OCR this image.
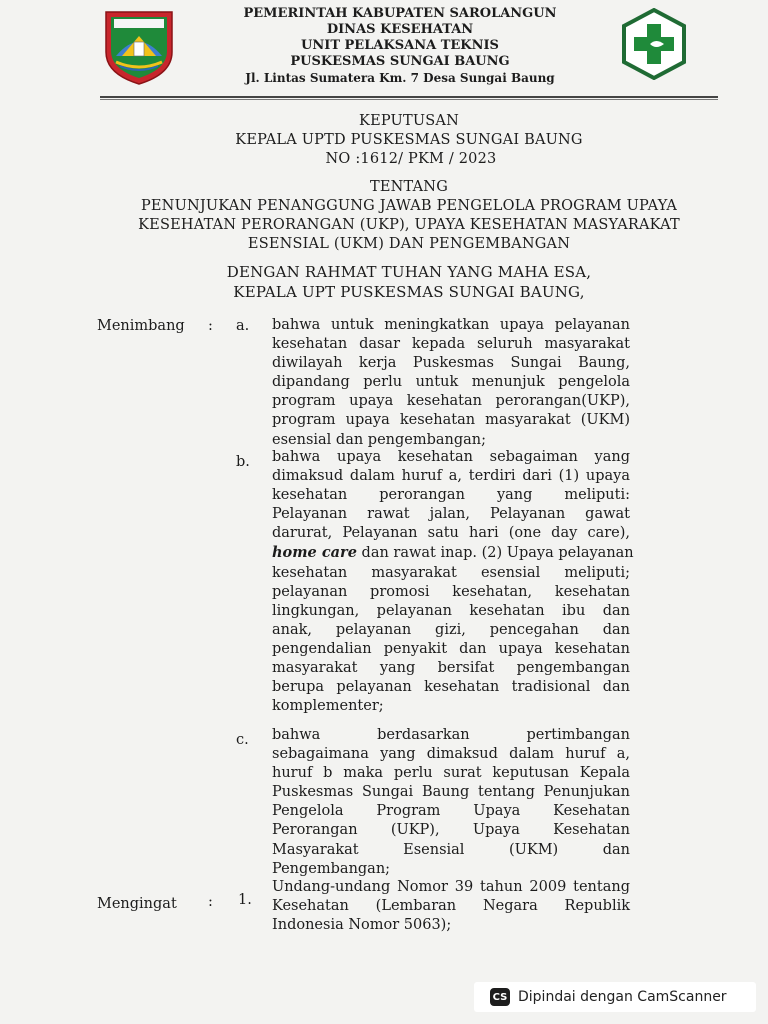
PEMERINTAH KABUPATEN SAROLANGUN
DINAS KESEHATAN
UNIT PELAKSANA TEKNIS
PUSKESMAS SUNGAI BAUNG
Jl. Lintas Sumatera Km. 7 Desa Sungai Baung
KEPUTUSAN
KEPALA UPTD PUSKESMAS SUNGAI BAUNG
NO :1612/ PKM / 2023
TENTANG
PENUNJUKAN PENANGGUNG JAWAB PENGELOLA PROGRAM UPAYA
KESEHATAN PERORANGAN (UKP), UPAYA KESEHATAN MASYARAKAT
ESENSIAL (UKM) DAN PENGEMBANGAN
DENGAN RAHMAT TUHAN YANG MAHA ESA,
KEPALA UPT PUSKESMAS SUNGAI BAUNG,
Menimbang : a. bahwa untuk meningkatkan upaya pelayanan
kesehatan dasar kepada seluruh masyarakat
diwilayah kerja Puskesmas Sungai Baung,
dipandang perlu untuk menunjuk pengelola
program upaya kesehatan perorangan(UKP),
program upaya kesehatan masyarakat (UKM)
esensial dan pengembangan;
b. bahwa upaya kesehatan sebagaiman yang
dimaksud dalam huruf a, terdiri dari (1) upaya
kesehatan perorangan yang meliputi:
Pelayanan rawat jalan, Pelayanan gawat
darurat, Pelayanan satu hari (one day care),
home care dan rawat inap. (2) Upaya pelayanan
kesehatan masyarakat esensial meliputi;
pelayanan promosi kesehatan, kesehatan
lingkungan, pelayanan kesehatan ibu dan
anak, pelayanan gizi, pencegahan dan
pengendalian penyakit dan upaya kesehatan
masyarakat yang bersifat pengembangan
berupa pelayanan kesehatan tradisional dan
komplementer;
c. bahwa berdasarkan pertimbangan
sebagaimana yang dimaksud dalam huruf a,
huruf b maka perlu surat keputusan Kepala
Puskesmas Sungai Baung tentang Penunjukan
Pengelola Program Upaya Kesehatan
Perorangan (UKP), Upaya Kesehatan
Masyarakat Esensial (UKM) dan
Pengembangan;
Mengingat : 1.
Undang-undang Nomor 39 tahun 2009 tentang
Kesehatan (Lembaran Negara Republik
Indonesia Nomor 5063);
CS Dipindai dengan CamScanner
